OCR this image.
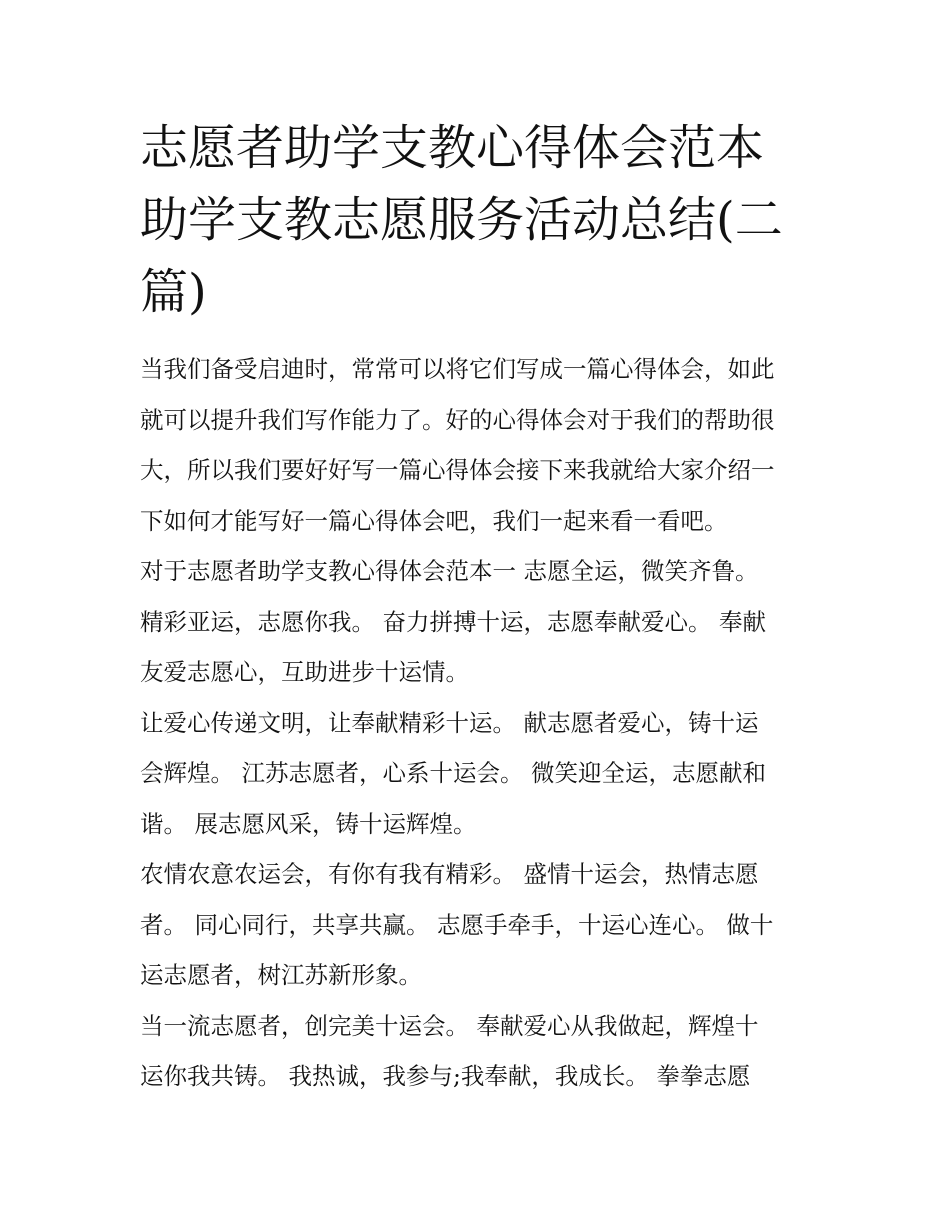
志愿者助学支教心得体会范本
助学支教志愿服务活动总结(二
篇)

当我们备受启迪时，常常可以将它们写成一篇心得体会，如此
就可以提升我们写作能力了。好的心得体会对于我们的帮助很
大，所以我们要好好写一篇心得体会接下来我就给大家介绍一
下如何才能写好一篇心得体会吧，我们一起来看一看吧。

对于志愿者助学支教心得体会范本一 志愿全运，微笑齐鲁。
精彩亚运，志愿你我。 奋力拼搏十运，志愿奉献爱心。 奉献
友爱志愿心，互助进步十运情。

让爱心传递文明，让奉献精彩十运。 献志愿者爱心，铸十运
会辉煌。 江苏志愿者，心系十运会。 微笑迎全运，志愿献和
谐。 展志愿风采，铸十运辉煌。

农情农意农运会，有你有我有精彩。 盛情十运会，热情志愿
者。 同心同行，共享共赢。 志愿手牵手，十运心连心。 做十
运志愿者，树江苏新形象。

当一流志愿者，创完美十运会。 奉献爱心从我做起，辉煌十
运你我共铸。 我热诚，我参与;我奉献，我成长。 拳拳志愿
